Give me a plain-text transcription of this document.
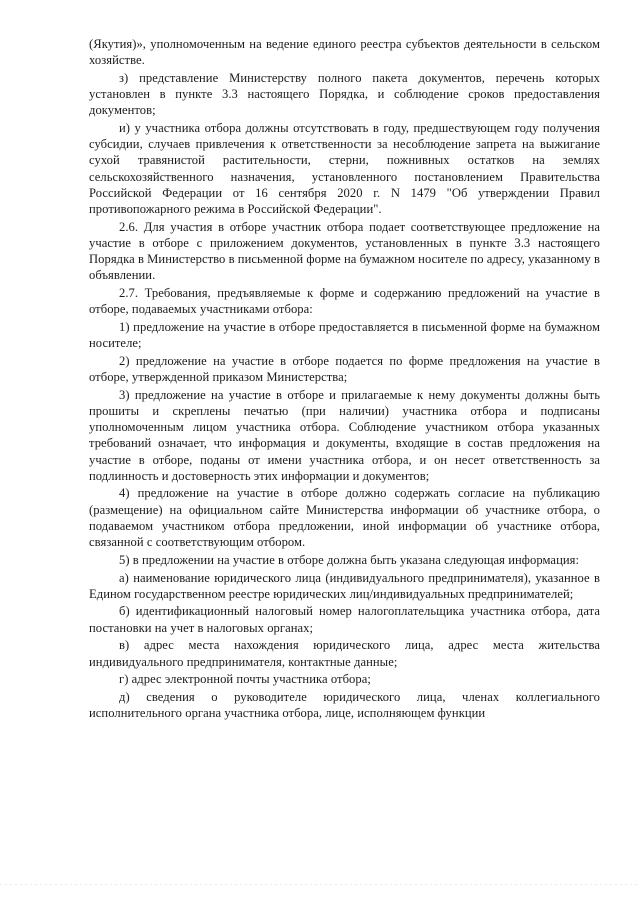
(Якутия)», уполномоченным на ведение единого реестра субъектов деятельности в сельском хозяйстве.

з) представление Министерству полного пакета документов, перечень которых установлен в пункте 3.3 настоящего Порядка, и соблюдение сроков предоставления документов;

и) у участника отбора должны отсутствовать в году, предшествующем году получения субсидии, случаев привлечения к ответственности за несоблюдение запрета на выжигание сухой травянистой растительности, стерни, пожнивных остатков на землях сельскохозяйственного назначения, установленного постановлением Правительства Российской Федерации от 16 сентября 2020 г. N 1479 "Об утверждении Правил противопожарного режима в Российской Федерации".

2.6. Для участия в отборе участник отбора подает соответствующее предложение на участие в отборе с приложением документов, установленных в пункте 3.3 настоящего Порядка в Министерство в письменной форме на бумажном носителе по адресу, указанному в объявлении.

2.7. Требования, предъявляемые к форме и содержанию предложений на участие в отборе, подаваемых участниками отбора:

1) предложение на участие в отборе предоставляется в письменной форме на бумажном носителе;

2) предложение на участие в отборе подается по форме предложения на участие в отборе, утвержденной приказом Министерства;

3) предложение на участие в отборе и прилагаемые к нему документы должны быть прошиты и скреплены печатью (при наличии) участника отбора и подписаны уполномоченным лицом участника отбора. Соблюдение участником отбора указанных требований означает, что информация и документы, входящие в состав предложения на участие в отборе, поданы от имени участника отбора, и он несет ответственность за подлинность и достоверность этих информации и документов;

4) предложение на участие в отборе должно содержать согласие на публикацию (размещение) на официальном сайте Министерства информации об участнике отбора, о подаваемом участником отбора предложении, иной информации об участнике отбора, связанной с соответствующим отбором.

5) в предложении на участие в отборе должна быть указана следующая информация:

а) наименование юридического лица (индивидуального предпринимателя), указанное в Едином государственном реестре юридических лиц/индивидуальных предпринимателей;

б) идентификационный налоговый номер налогоплательщика участника отбора, дата постановки на учет в налоговых органах;

в) адрес места нахождения юридического лица, адрес места жительства индивидуального предпринимателя, контактные данные;

г) адрес электронной почты участника отбора;

д) сведения о руководителе юридического лица, членах коллегиального исполнительного органа участника отбора, лице, исполняющем функции
